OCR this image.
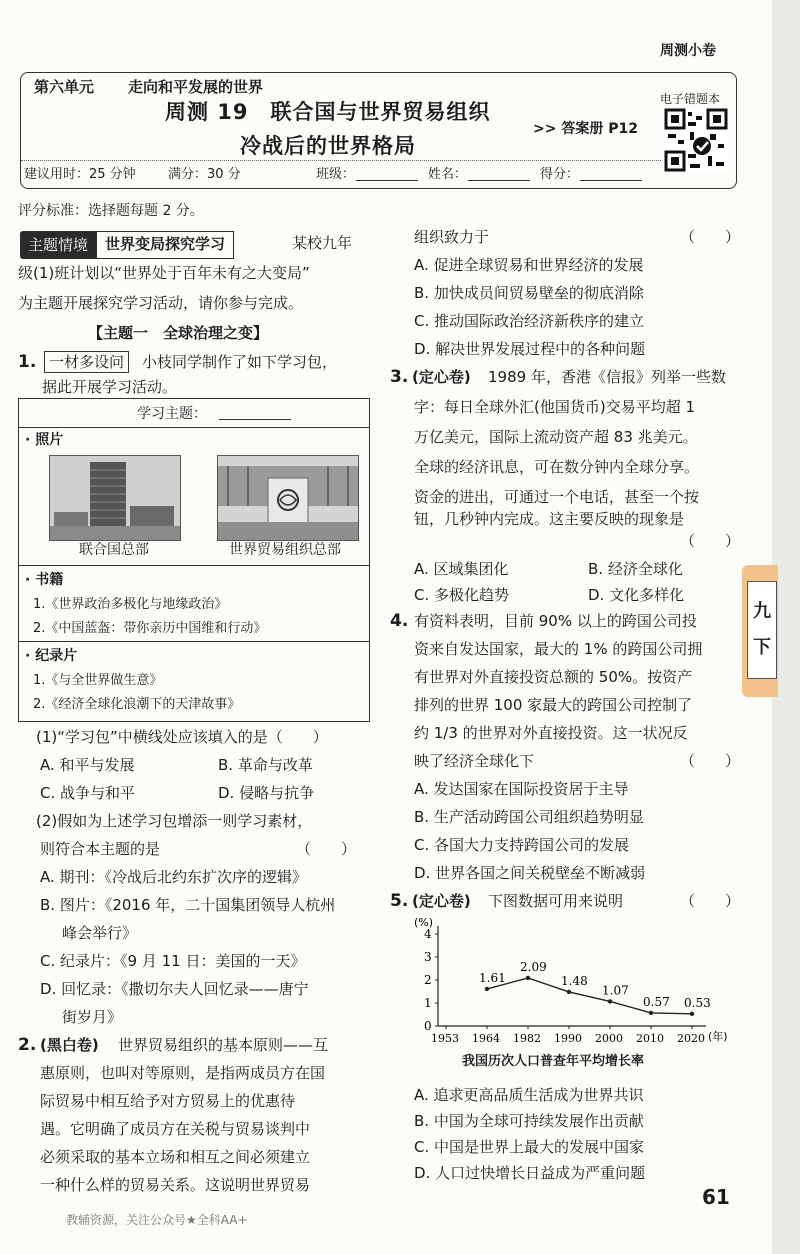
周测小卷
第六单元 走向和平发展的世界
周测 19　联合国与世界贸易组织
冷战后的世界格局
>> 答案册 P12
电子错题本
建议用时：25 分钟 满分：30 分	班级：	姓名：	得分：
评分标准：选择题每题 2 分。
主题情境	世界变局探究学习	某校九年
级(1)班计划以“世界处于百年未有之大变局”
为主题开展探究学习活动，请你参与完成。
【主题一　全球治理之变】
1. 一材多设问	小枝同学制作了如下学习包，
据此开展学习活动。
学习主题：
· 照片
联合国总部	世界贸易组织总部
· 书籍
1.《世界政治多极化与地缘政治》
2.《中国蓝盔：带你亲历中国维和行动》
· 纪录片
1.《与全世界做生意》
2.《经济全球化浪潮下的天津故事》
(1)“学习包”中横线处应该填入的是（　　）
A. 和平与发展	B. 革命与改革
C. 战争与和平	D. 侵略与抗争
(2)假如为上述学习包增添一则学习素材，
则符合本主题的是	（　　）
A. 期刊：《冷战后北约东扩次序的逻辑》
B. 图片：《2016 年，二十国集团领导人杭州
峰会举行》
C. 纪录片：《9 月 11 日：美国的一天》
D. 回忆录：《撒切尔夫人回忆录——唐宁
街岁月》
2. (黑白卷) 世界贸易组织的基本原则——互
惠原则，也叫对等原则，是指两成员方在国
际贸易中相互给予对方贸易上的优惠待
遇。它明确了成员方在关税与贸易谈判中
必须采取的基本立场和相互之间必须建立
一种什么样的贸易关系。这说明世界贸易
组织致力于	（　　）
A. 促进全球贸易和世界经济的发展
B. 加快成员间贸易壁垒的彻底消除
C. 推动国际政治经济新秩序的建立
D. 解决世界发展过程中的各种问题
3. (定心卷) 1989 年，香港《信报》列举一些数
字：每日全球外汇(他国货币)交易平均超 1
万亿美元，国际上流动资产超 83 兆美元。
全球的经济讯息，可在数分钟内全球分享。
资金的进出，可通过一个电话，甚至一个按
钮，几秒钟内完成。这主要反映的现象是
（　　）
A. 区域集团化	B. 经济全球化
C. 多极化趋势	D. 文化多样化
4. 有资料表明，目前 90% 以上的跨国公司投
资来自发达国家，最大的 1% 的跨国公司拥
有世界对外直接投资总额的 50%。按资产
排列的世界 100 家最大的跨国公司控制了
约 1/3 的世界对外直接投资。这一状况反
映了经济全球化下	（　　）
A. 发达国家在国际投资居于主导
B. 生产活动跨国公司组织趋势明显
C. 各国大力支持跨国公司的发展
D. 世界各国之间关税壁垒不断减弱
5. (定心卷) 下图数据可用来说明	（　　）
(%)
(年)
0
1
2
3
4
1953 1964 1982 1990 2000 2010 2020
1.61
2.09
1.48
1.07
0.57 0.53
我国历次人口普查年平均增长率
A. 追求更高品质生活成为世界共识
B. 中国为全球可持续发展作出贡献
C. 中国是世界上最大的发展中国家
D. 人口过快增长日益成为严重问题
61
教辅资源，关注公众号★全科AA+
九下
